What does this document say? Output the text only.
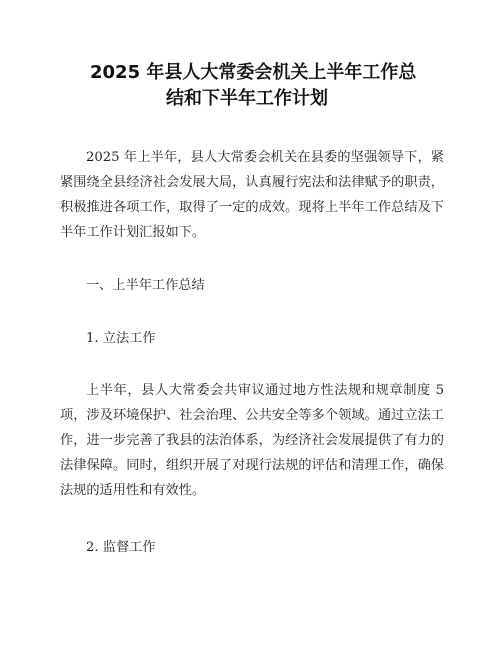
2025 年县人大常委会机关上半年工作总
结和下半年工作计划

2025 年上半年，县人大常委会机关在县委的坚强领导下，紧紧围绕全县经济社会发展大局，认真履行宪法和法律赋予的职责，积极推进各项工作，取得了一定的成效。现将上半年工作总结及下半年工作计划汇报如下。

一、上半年工作总结

1. 立法工作

上半年，县人大常委会共审议通过地方性法规和规章制度 5 项，涉及环境保护、社会治理、公共安全等多个领域。通过立法工作，进一步完善了我县的法治体系，为经济社会发展提供了有力的法律保障。同时，组织开展了对现行法规的评估和清理工作，确保法规的适用性和有效性。

2. 监督工作
